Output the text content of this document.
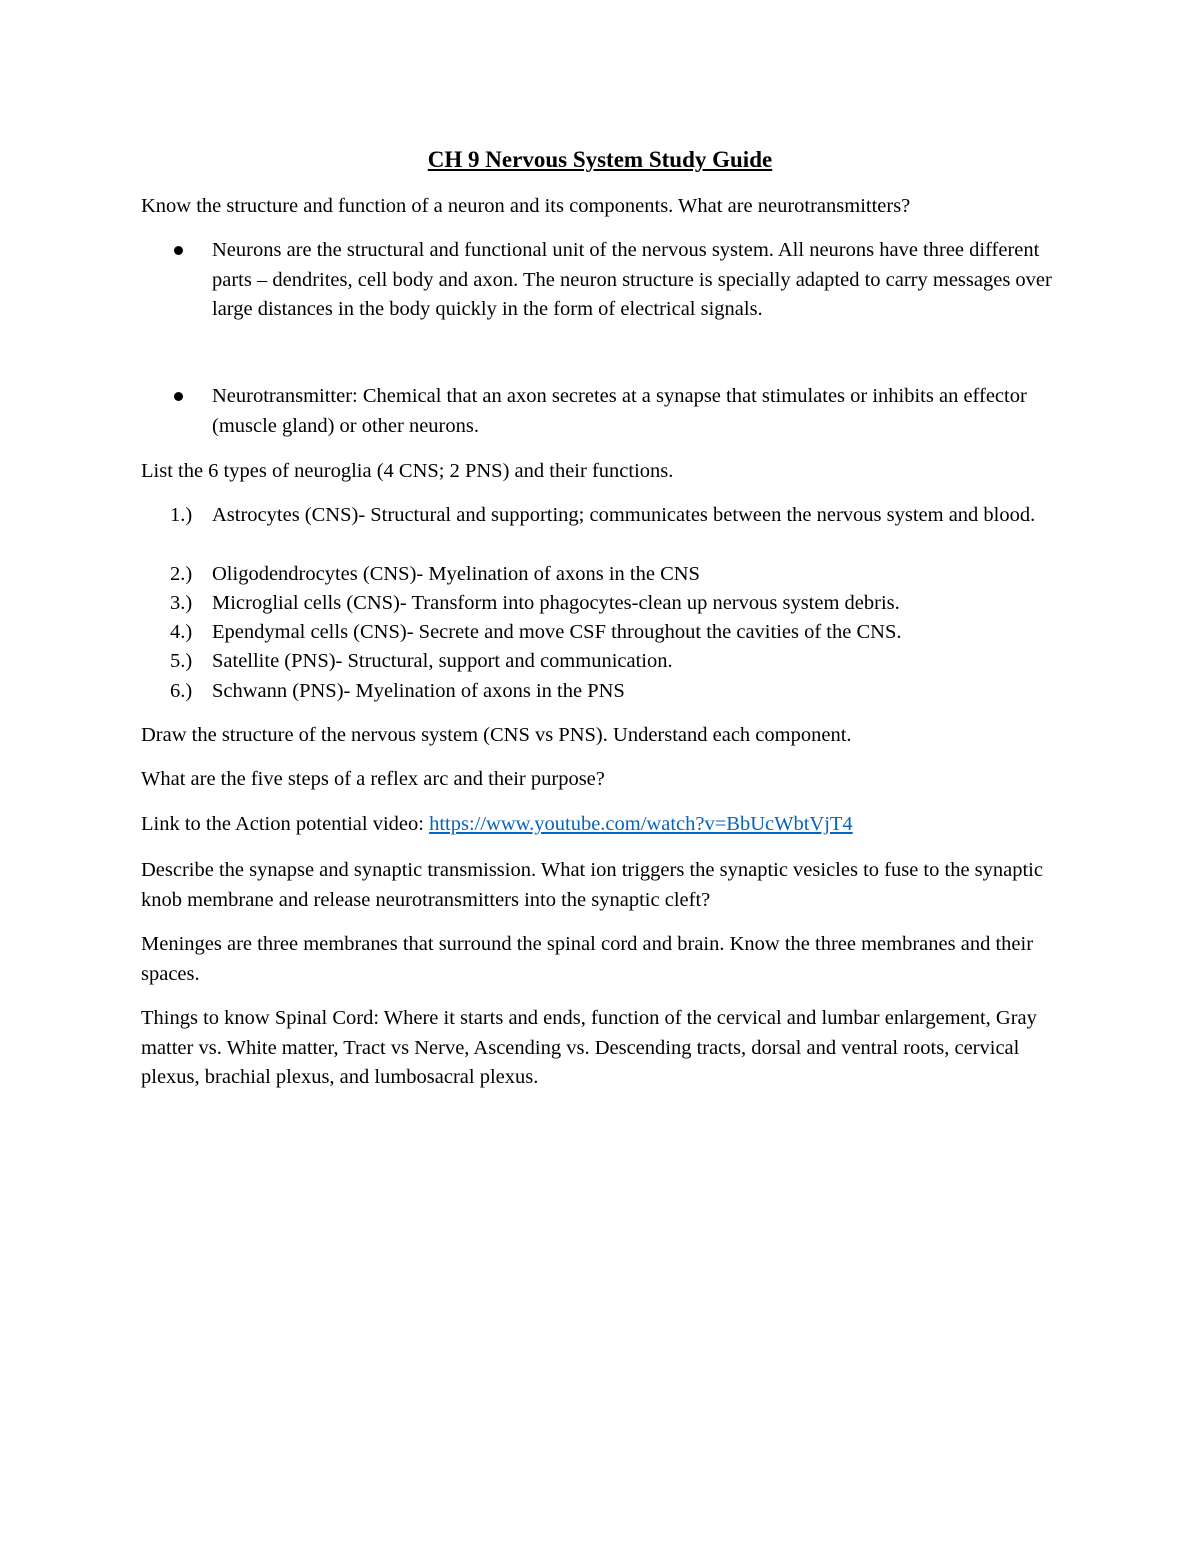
CH 9 Nervous System Study Guide

Know the structure and function of a neuron and its components. What are neurotransmitters?

Neurons are the structural and functional unit of the nervous system. All neurons have three different parts – dendrites, cell body and axon. The neuron structure is specially adapted to carry messages over large distances in the body quickly in the form of electrical signals.

Neurotransmitter: Chemical that an axon secretes at a synapse that stimulates or inhibits an effector (muscle gland) or other neurons.

List the 6 types of neuroglia (4 CNS; 2 PNS) and their functions.

1.) Astrocytes (CNS)- Structural and supporting; communicates between the nervous system and blood.

2.) Oligodendrocytes (CNS)- Myelination of axons in the CNS

3.) Microglial cells (CNS)- Transform into phagocytes-clean up nervous system debris.

4.) Ependymal cells (CNS)- Secrete and move CSF throughout the cavities of the CNS.

5.) Satellite (PNS)- Structural, support and communication.

6.) Schwann (PNS)- Myelination of axons in the PNS

Draw the structure of the nervous system (CNS vs PNS). Understand each component.

What are the five steps of a reflex arc and their purpose?

Link to the Action potential video: https://www.youtube.com/watch?v=BbUcWbtVjT4

Describe the synapse and synaptic transmission. What ion triggers the synaptic vesicles to fuse to the synaptic knob membrane and release neurotransmitters into the synaptic cleft?

Meninges are three membranes that surround the spinal cord and brain. Know the three membranes and their spaces.

Things to know Spinal Cord: Where it starts and ends, function of the cervical and lumbar enlargement, Gray matter vs. White matter, Tract vs Nerve, Ascending vs. Descending tracts, dorsal and ventral roots, cervical plexus, brachial plexus, and lumbosacral plexus.
